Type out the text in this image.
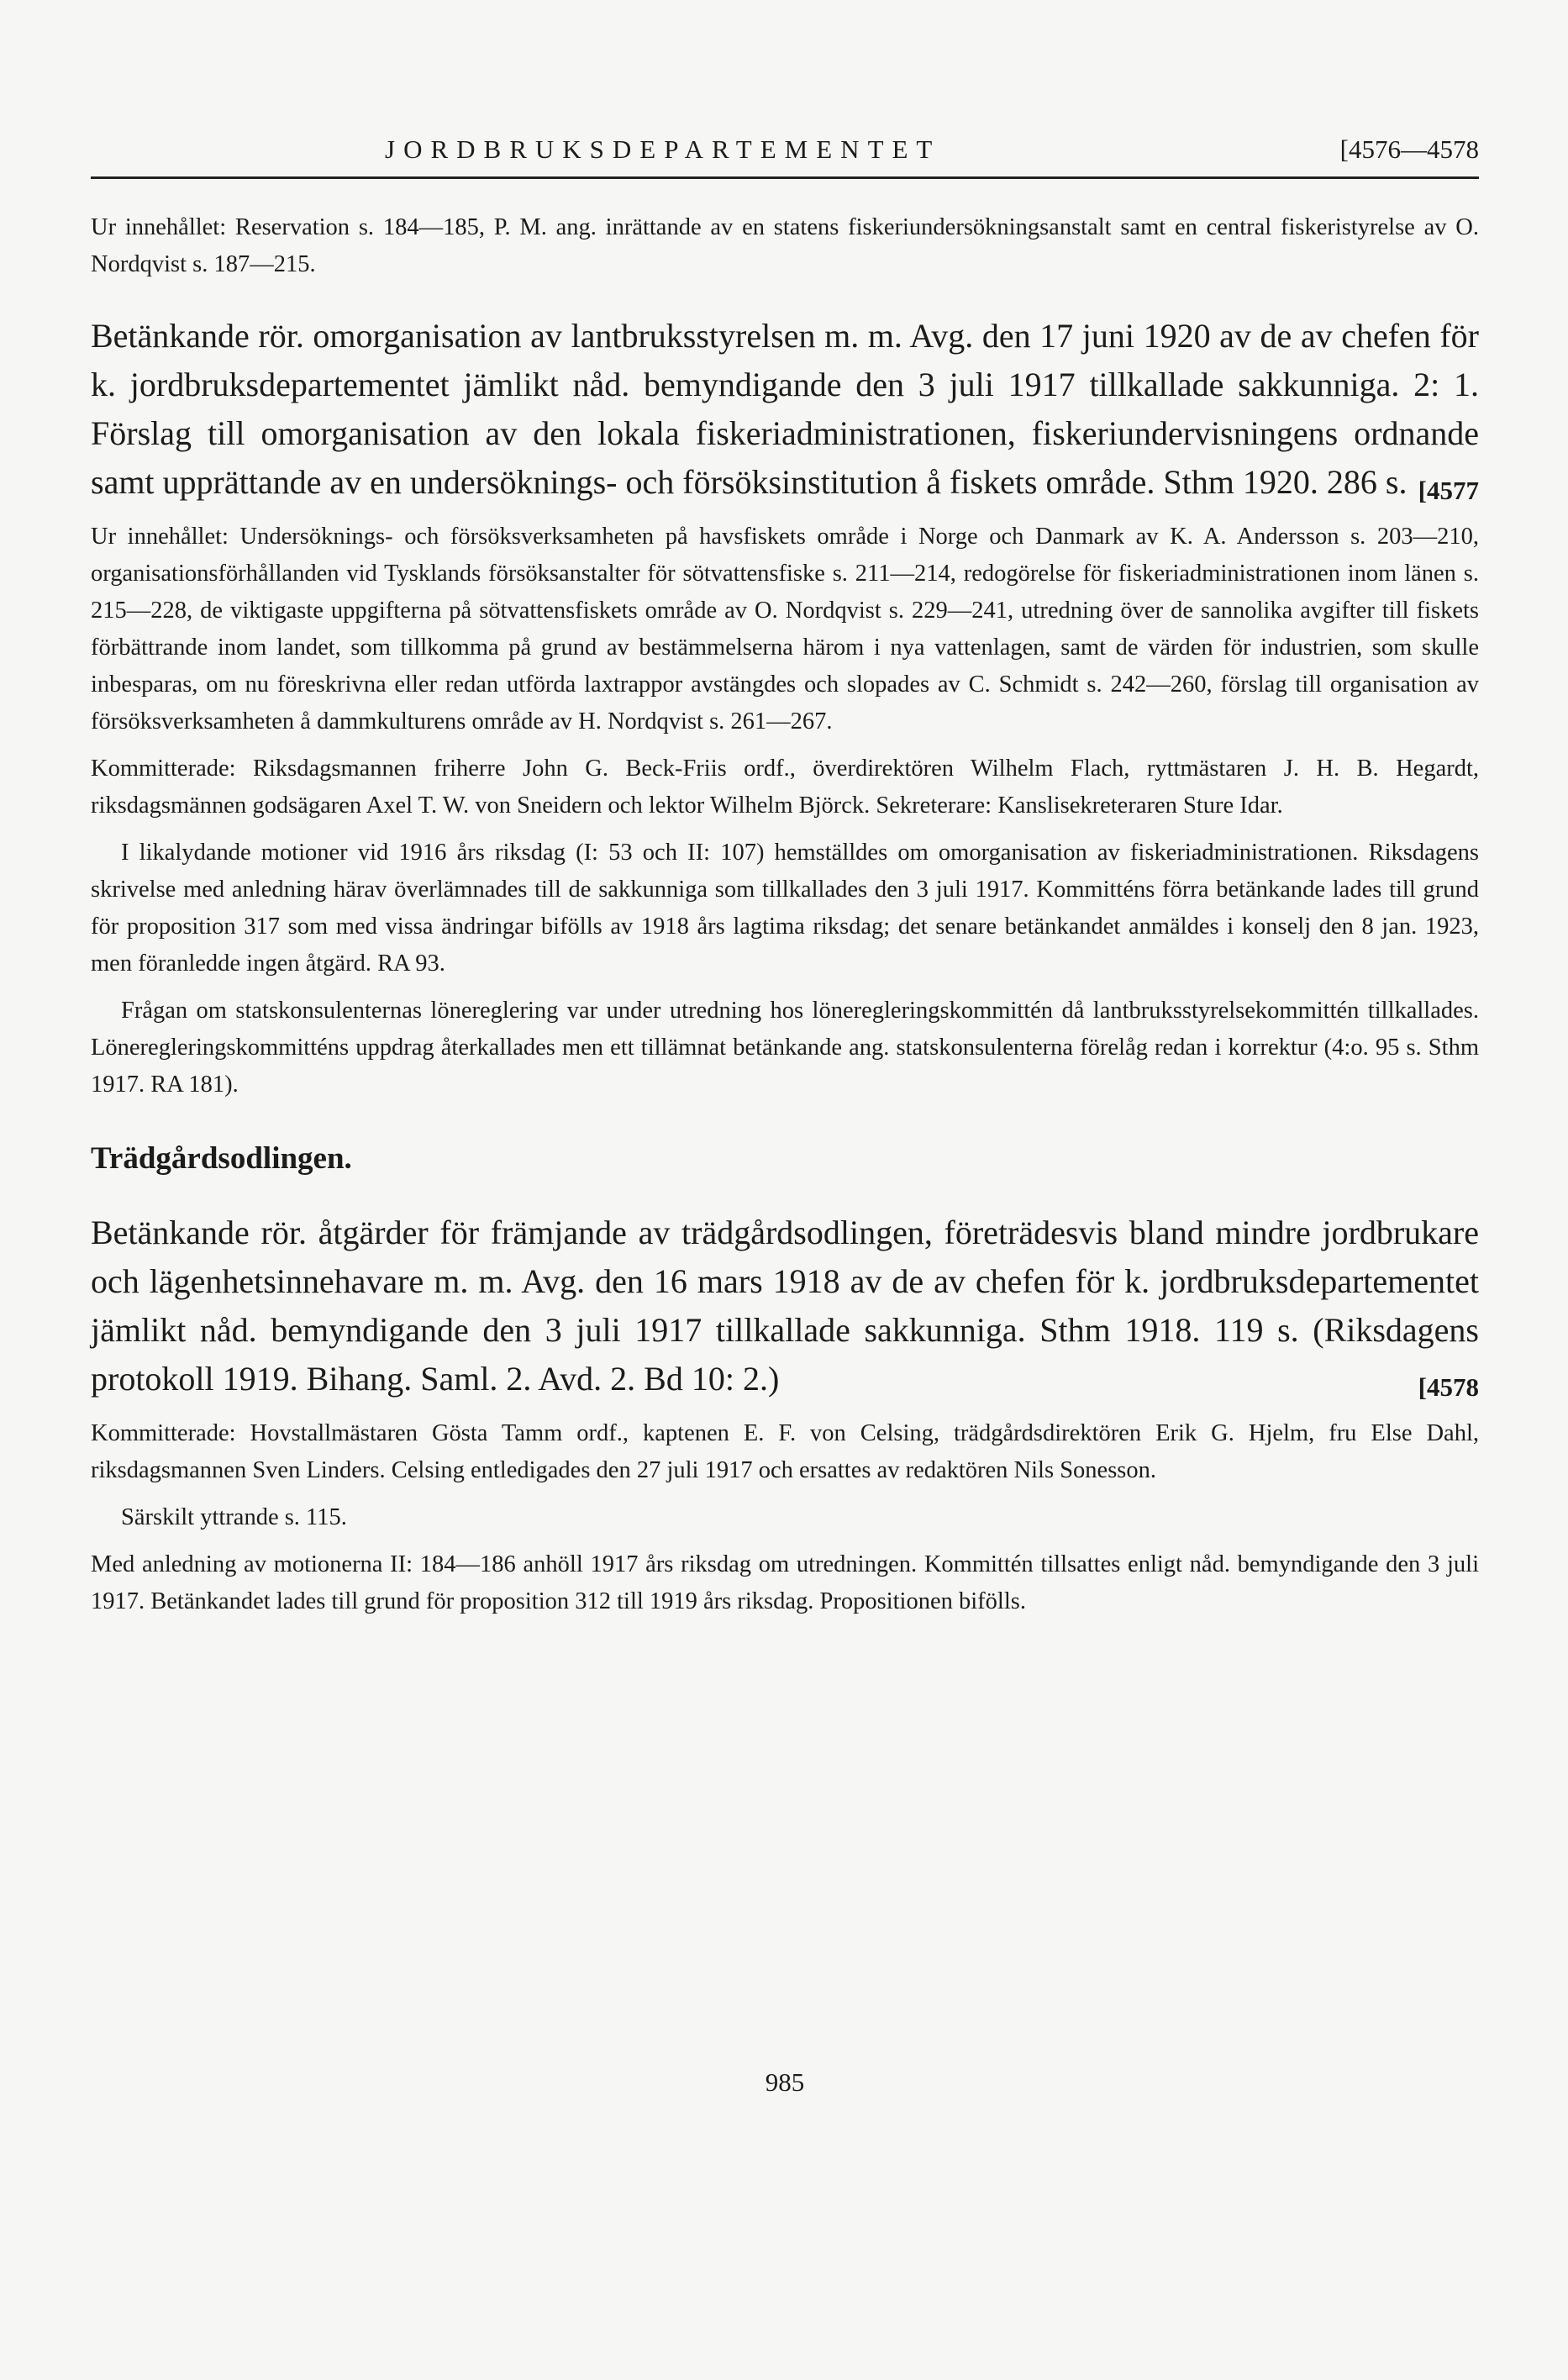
JORDBRUKSDEPARTEMENTET	[4576—4578

Ur innehållet: Reservation s. 184—185, P. M. ang. inrättande av en statens fiskeriundersökningsanstalt samt en central fiskeristyrelse av O. Nordqvist s. 187—215.

Betänkande rör. omorganisation av lantbruksstyrelsen m. m. Avg. den 17 juni 1920 av de av chefen för k. jordbruksdepartementet jämlikt nåd. bemyndigande den 3 juli 1917 tillkallade sakkunniga. 2: 1. Förslag till omorganisation av den lokala fiskeriadministrationen, fiskeriundervisningens ordnande samt upprättande av en undersöknings- och försöksinstitution å fiskets område. Sthm 1920. 286 s. [4577

Ur innehållet: Undersöknings- och försöksverksamheten på havsfiskets område i Norge och Danmark av K. A. Andersson s. 203—210, organisationsförhållanden vid Tysklands försöksanstalter för sötvattensfiske s. 211—214, redogörelse för fiskeriadministrationen inom länen s. 215—228, de viktigaste uppgifterna på sötvattensfiskets område av O. Nordqvist s. 229—241, utredning över de sannolika avgifter till fiskets förbättrande inom landet, som tillkomma på grund av bestämmelserna härom i nya vattenlagen, samt de värden för industrien, som skulle inbesparas, om nu föreskrivna eller redan utförda laxtrappor avstängdes och slopades av C. Schmidt s. 242—260, förslag till organisation av försöksverksamheten å dammkulturens område av H. Nordqvist s. 261—267.

Kommitterade: Riksdagsmannen friherre John G. Beck-Friis ordf., överdirektören Wilhelm Flach, ryttmästaren J. H. B. Hegardt, riksdagsmännen godsägaren Axel T. W. von Sneidern och lektor Wilhelm Björck. Sekreterare: Kanslisekreteraren Sture Idar.

I likalydande motioner vid 1916 års riksdag (I: 53 och II: 107) hemställdes om omorganisation av fiskeriadministrationen. Riksdagens skrivelse med anledning härav överlämnades till de sakkunniga som tillkallades den 3 juli 1917. Kommitténs förra betänkande lades till grund för proposition 317 som med vissa ändringar bifölls av 1918 års lagtima riksdag; det senare betänkandet anmäldes i konselj den 8 jan. 1923, men föranledde ingen åtgärd. RA 93.

Frågan om statskonsulenternas lönereglering var under utredning hos löneregleringskommittén då lantbruksstyrelsekommittén tillkallades. Löneregleringskommitténs uppdrag återkallades men ett tillämnat betänkande ang. statskonsulenterna förelåg redan i korrektur (4:o. 95 s. Sthm 1917. RA 181).

Trädgårdsodlingen.

Betänkande rör. åtgärder för främjande av trädgårdsodlingen, företrädesvis bland mindre jordbrukare och lägenhetsinnehavare m. m. Avg. den 16 mars 1918 av de av chefen för k. jordbruksdepartementet jämlikt nåd. bemyndigande den 3 juli 1917 tillkallade sakkunniga. Sthm 1918. 119 s. (Riksdagens protokoll 1919. Bihang. Saml. 2. Avd. 2. Bd 10: 2.)	[4578

Kommitterade: Hovstallmästaren Gösta Tamm ordf., kaptenen E. F. von Celsing, trädgårdsdirektören Erik G. Hjelm, fru Else Dahl, riksdagsmannen Sven Linders. Celsing entledigades den 27 juli 1917 och ersattes av redaktören Nils Sonesson.

Särskilt yttrande s. 115.

Med anledning av motionerna II: 184—186 anhöll 1917 års riksdag om utredningen. Kommittén tillsattes enligt nåd. bemyndigande den 3 juli 1917. Betänkandet lades till grund för proposition 312 till 1919 års riksdag. Propositionen bifölls.

985
